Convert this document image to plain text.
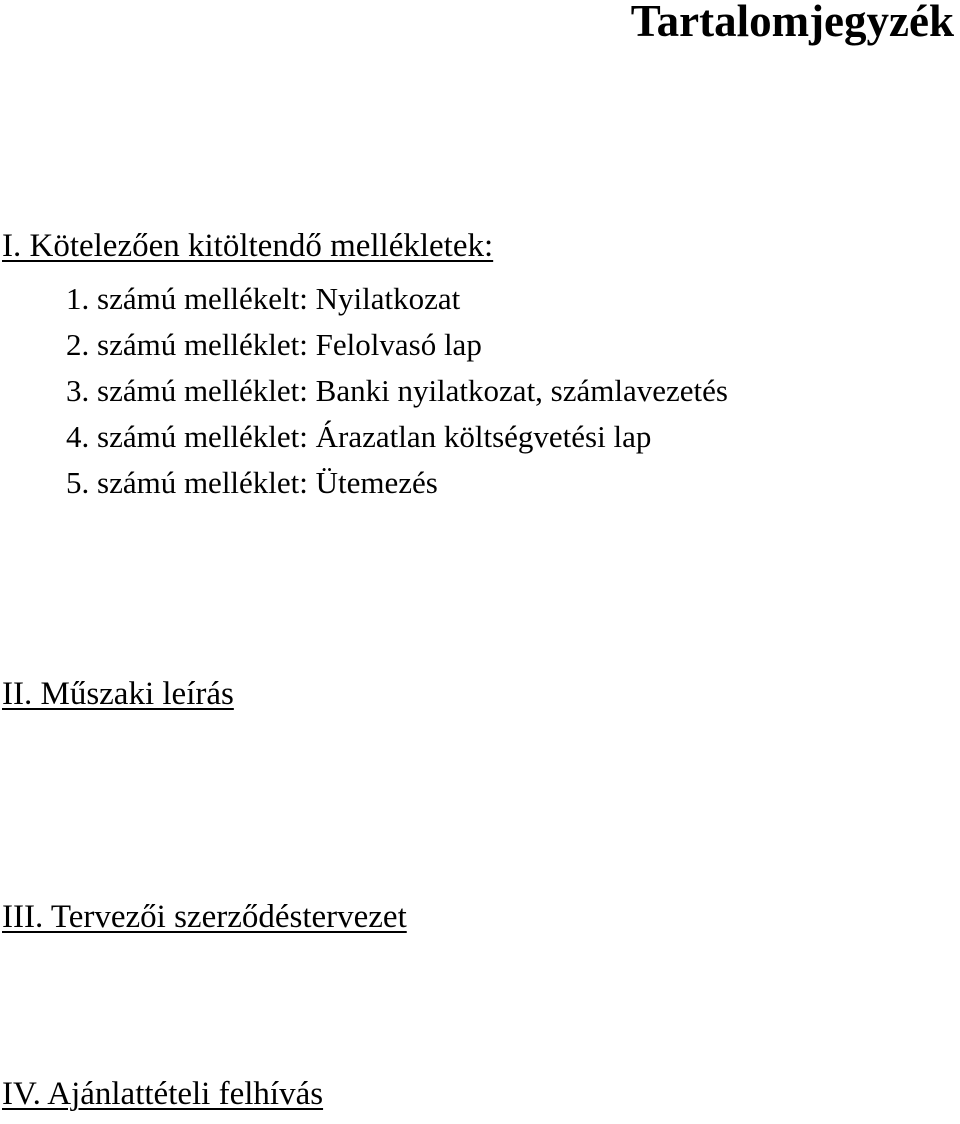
Tartalomjegyzék
I. Kötelezően kitöltendő mellékletek:
1. számú mellékelt: Nyilatkozat
2. számú melléklet: Felolvasó lap
3. számú melléklet: Banki nyilatkozat, számlavezetés
4. számú melléklet: Árazatlan költségvetési lap
5. számú melléklet: Ütemezés
II. Műszaki leírás
III. Tervezői szerződéstervezet
IV. Ajánlattételi felhívás
